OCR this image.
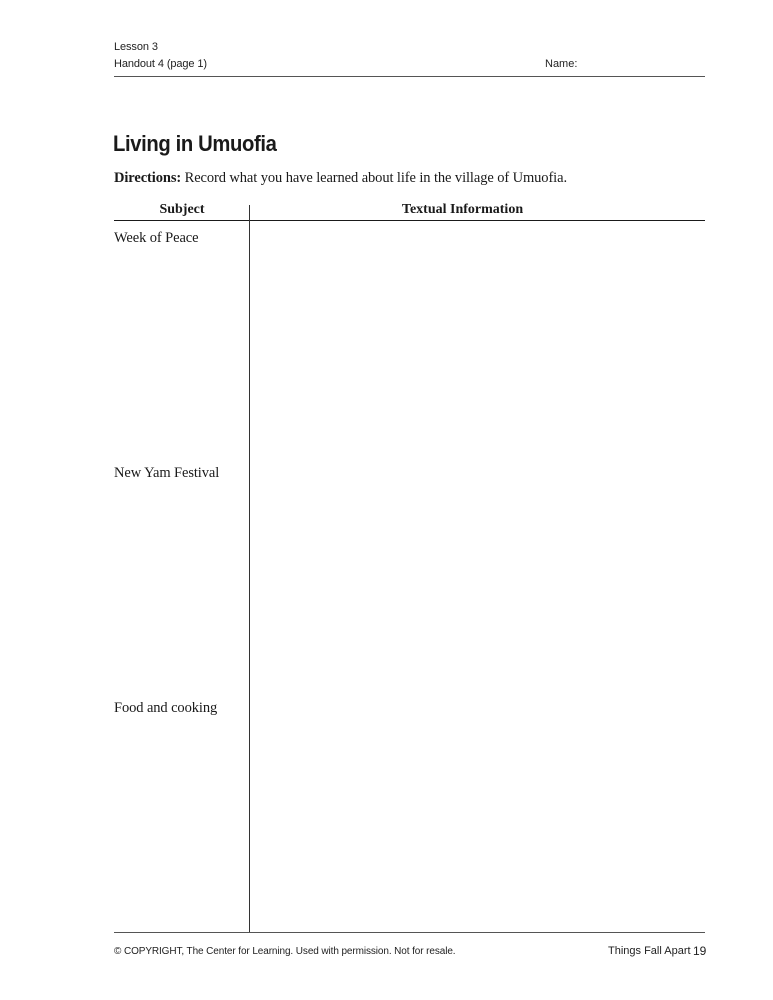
Lesson 3
Handout 4 (page 1)	Name:
Living in Umuofia
Directions: Record what you have learned about life in the village of Umuofia.
Subject	Textual Information
Week of Peace
New Yam Festival
Food and cooking
© COPYRIGHT, The Center for Learning. Used with permission. Not for resale.	Things Fall Apart 19
